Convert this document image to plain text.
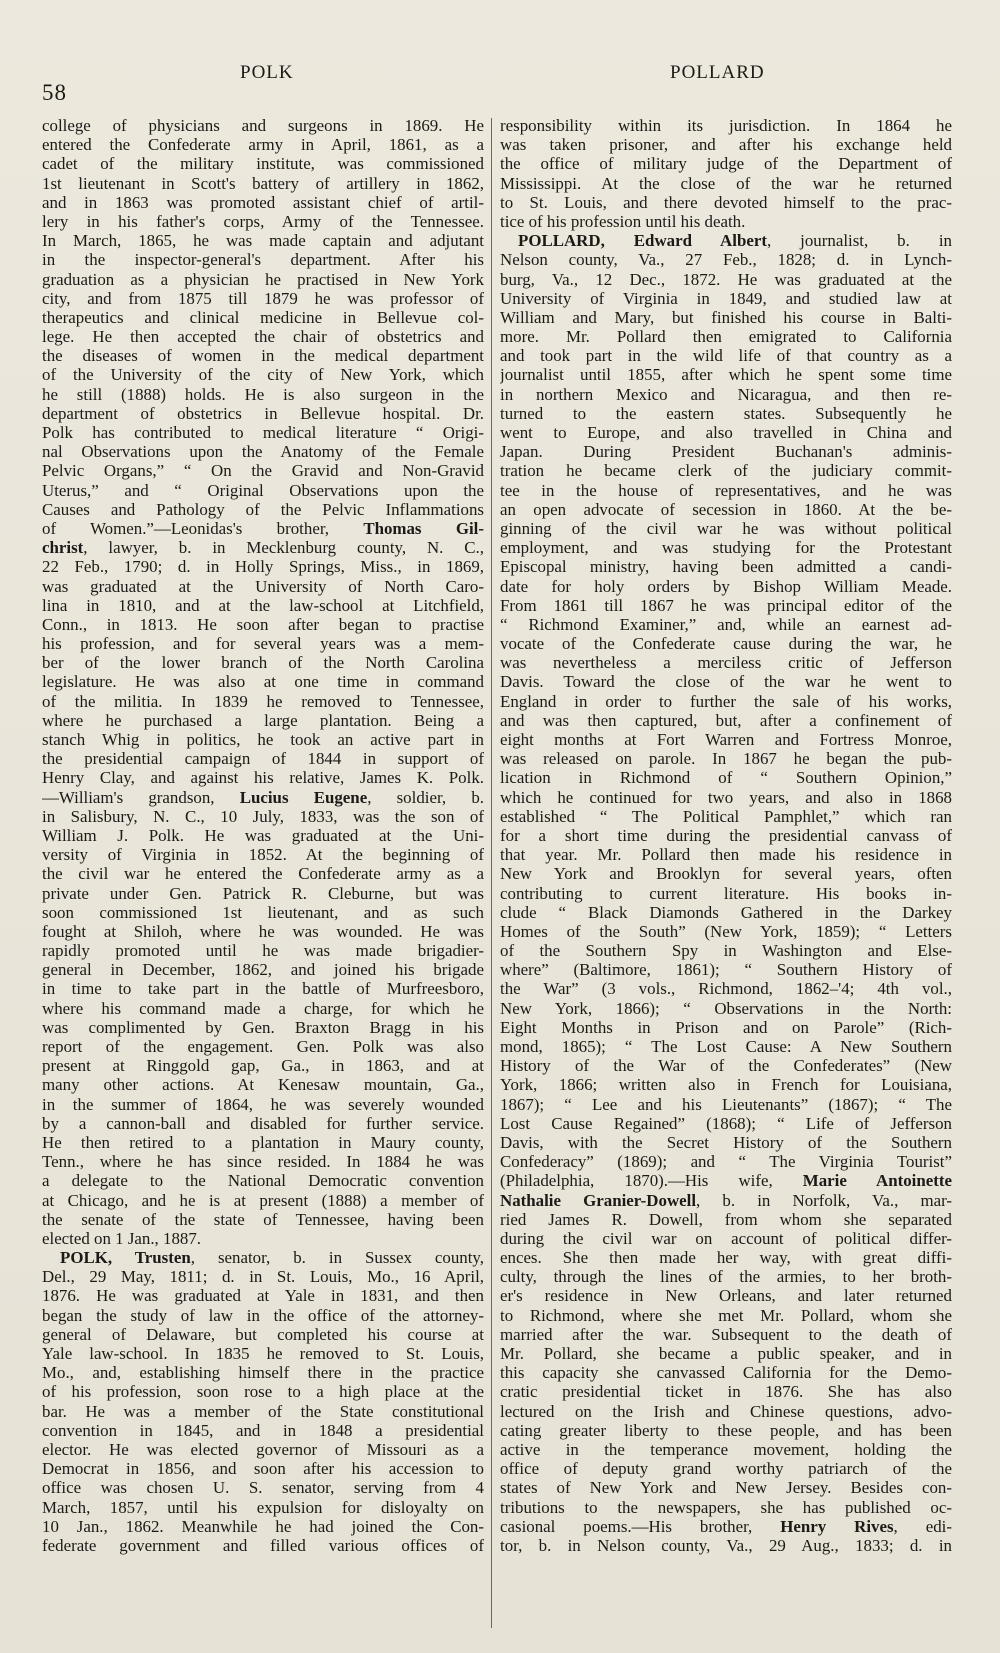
58
POLK	POLLARD
college of physicians and surgeons in 1869. He
entered the Confederate army in April, 1861, as a
cadet of the military institute, was commissioned
1st lieutenant in Scott's battery of artillery in 1862,
and in 1863 was promoted assistant chief of artil-
lery in his father's corps, Army of the Tennessee.
In March, 1865, he was made captain and adjutant
in the inspector-general's department. After his
graduation as a physician he practised in New York
city, and from 1875 till 1879 he was professor of
therapeutics and clinical medicine in Bellevue col-
lege. He then accepted the chair of obstetrics and
the diseases of women in the medical department
of the University of the city of New York, which
he still (1888) holds. He is also surgeon in the
department of obstetrics in Bellevue hospital. Dr.
Polk has contributed to medical literature “ Origi-
nal Observations upon the Anatomy of the Female
Pelvic Organs,” “ On the Gravid and Non-Gravid
Uterus,” and “ Original Observations upon the
Causes and Pathology of the Pelvic Inflammations
of Women.”—Leonidas's brother, Thomas Gil-
christ, lawyer, b. in Mecklenburg county, N. C.,
22 Feb., 1790; d. in Holly Springs, Miss., in 1869,
was graduated at the University of North Caro-
lina in 1810, and at the law-school at Litchfield,
Conn., in 1813. He soon after began to practise
his profession, and for several years was a mem-
ber of the lower branch of the North Carolina
legislature. He was also at one time in command
of the militia. In 1839 he removed to Tennessee,
where he purchased a large plantation. Being a
stanch Whig in politics, he took an active part in
the presidential campaign of 1844 in support of
Henry Clay, and against his relative, James K. Polk.
—William's grandson, Lucius Eugene, soldier, b.
in Salisbury, N. C., 10 July, 1833, was the son of
William J. Polk. He was graduated at the Uni-
versity of Virginia in 1852. At the beginning of
the civil war he entered the Confederate army as a
private under Gen. Patrick R. Cleburne, but was
soon commissioned 1st lieutenant, and as such
fought at Shiloh, where he was wounded. He was
rapidly promoted until he was made brigadier-
general in December, 1862, and joined his brigade
in time to take part in the battle of Murfreesboro,
where his command made a charge, for which he
was complimented by Gen. Braxton Bragg in his
report of the engagement. Gen. Polk was also
present at Ringgold gap, Ga., in 1863, and at
many other actions. At Kenesaw mountain, Ga.,
in the summer of 1864, he was severely wounded
by a cannon-ball and disabled for further service.
He then retired to a plantation in Maury county,
Tenn., where he has since resided. In 1884 he was
a delegate to the National Democratic convention
at Chicago, and he is at present (1888) a member of
the senate of the state of Tennessee, having been
elected on 1 Jan., 1887.
POLK, Trusten, senator, b. in Sussex county,
Del., 29 May, 1811; d. in St. Louis, Mo., 16 April,
1876. He was graduated at Yale in 1831, and then
began the study of law in the office of the attorney-
general of Delaware, but completed his course at
Yale law-school. In 1835 he removed to St. Louis,
Mo., and, establishing himself there in the practice
of his profession, soon rose to a high place at the
bar. He was a member of the State constitutional
convention in 1845, and in 1848 a presidential
elector. He was elected governor of Missouri as a
Democrat in 1856, and soon after his accession to
office was chosen U. S. senator, serving from 4
March, 1857, until his expulsion for disloyalty on
10 Jan., 1862. Meanwhile he had joined the Con-
federate government and filled various offices of
responsibility within its jurisdiction. In 1864 he
was taken prisoner, and after his exchange held
the office of military judge of the Department of
Mississippi. At the close of the war he returned
to St. Louis, and there devoted himself to the prac-
tice of his profession until his death.
POLLARD, Edward Albert, journalist, b. in
Nelson county, Va., 27 Feb., 1828; d. in Lynch-
burg, Va., 12 Dec., 1872. He was graduated at the
University of Virginia in 1849, and studied law at
William and Mary, but finished his course in Balti-
more. Mr. Pollard then emigrated to California
and took part in the wild life of that country as a
journalist until 1855, after which he spent some time
in northern Mexico and Nicaragua, and then re-
turned to the eastern states. Subsequently he
went to Europe, and also travelled in China and
Japan. During President Buchanan's adminis-
tration he became clerk of the judiciary commit-
tee in the house of representatives, and he was
an open advocate of secession in 1860. At the be-
ginning of the civil war he was without political
employment, and was studying for the Protestant
Episcopal ministry, having been admitted a candi-
date for holy orders by Bishop William Meade.
From 1861 till 1867 he was principal editor of the
“ Richmond Examiner,” and, while an earnest ad-
vocate of the Confederate cause during the war, he
was nevertheless a merciless critic of Jefferson
Davis. Toward the close of the war he went to
England in order to further the sale of his works,
and was then captured, but, after a confinement of
eight months at Fort Warren and Fortress Monroe,
was released on parole. In 1867 he began the pub-
lication in Richmond of “ Southern Opinion,”
which he continued for two years, and also in 1868
established “ The Political Pamphlet,” which ran
for a short time during the presidential canvass of
that year. Mr. Pollard then made his residence in
New York and Brooklyn for several years, often
contributing to current literature. His books in-
clude “ Black Diamonds Gathered in the Darkey
Homes of the South” (New York, 1859); “ Letters
of the Southern Spy in Washington and Else-
where” (Baltimore, 1861); “ Southern History of
the War” (3 vols., Richmond, 1862–'4; 4th vol.,
New York, 1866); “ Observations in the North:
Eight Months in Prison and on Parole” (Rich-
mond, 1865); “ The Lost Cause: A New Southern
History of the War of the Confederates” (New
York, 1866; written also in French for Louisiana,
1867); “ Lee and his Lieutenants” (1867); “ The
Lost Cause Regained” (1868); “ Life of Jefferson
Davis, with the Secret History of the Southern
Confederacy” (1869); and “ The Virginia Tourist”
(Philadelphia, 1870).—His wife, Marie Antoinette
Nathalie Granier-Dowell, b. in Norfolk, Va., mar-
ried James R. Dowell, from whom she separated
during the civil war on account of political differ-
ences. She then made her way, with great diffi-
culty, through the lines of the armies, to her broth-
er's residence in New Orleans, and later returned
to Richmond, where she met Mr. Pollard, whom she
married after the war. Subsequent to the death of
Mr. Pollard, she became a public speaker, and in
this capacity she canvassed California for the Demo-
cratic presidential ticket in 1876. She has also
lectured on the Irish and Chinese questions, advo-
cating greater liberty to these people, and has been
active in the temperance movement, holding the
office of deputy grand worthy patriarch of the
states of New York and New Jersey. Besides con-
tributions to the newspapers, she has published oc-
casional poems.—His brother, Henry Rives, edi-
tor, b. in Nelson county, Va., 29 Aug., 1833; d. in
